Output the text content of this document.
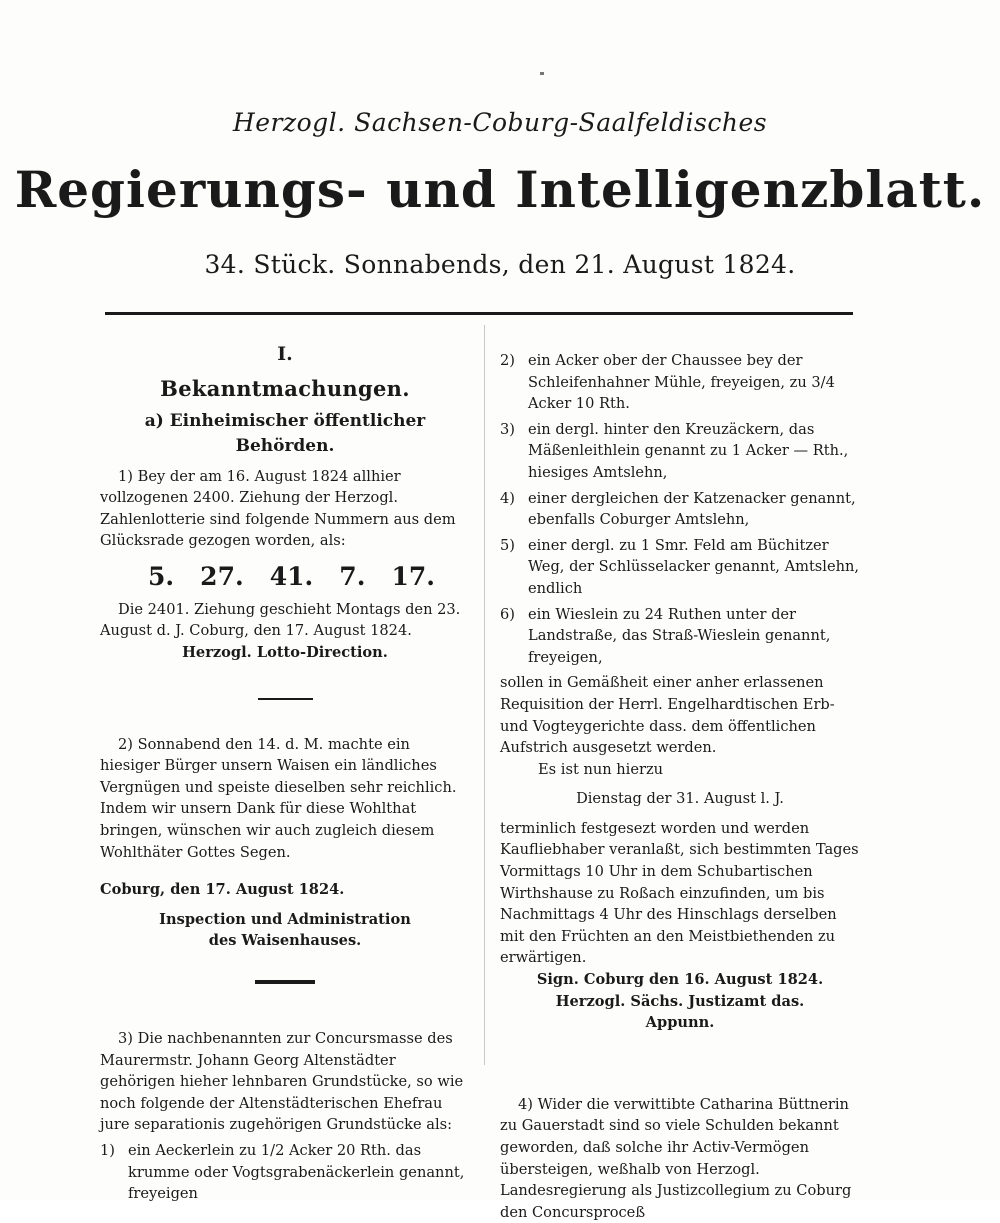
Herzogl. Sachsen-Coburg-Saalfeldisches
Regierungs- und Intelligenzblatt.
34. Stück. Sonnabends, den 21. August 1824.
I.
Bekanntmachungen.
a) Einheimischer öffentlicher Behörden.

1) Bey der am 16. August 1824 allhier vollzogenen 2400. Ziehung der Herzogl. Zahlenlotterie sind folgende Nummern aus dem Glücksrade gezogen worden, als:

5. 27. 41. 7. 17.

Die 2401. Ziehung geschieht Montags den 23. August d. J. Coburg, den 17. August 1824.

Herzogl. Lotto-Direction.

2) Sonnabend den 14. d. M. machte ein hiesiger Bürger unsern Waisen ein ländliches Vergnügen und speiste dieselben sehr reichlich. Indem wir unsern Dank für diese Wohlthat bringen, wünschen wir auch zugleich diesem Wohlthäter Gottes Segen.

Coburg, den 17. August 1824.
Inspection und Administration
des Waisenhauses.

3) Die nachbenannten zur Concursmasse des Maurermstr. Johann Georg Altenstädter gehörigen hieher lehnbaren Grundstücke, so wie noch folgende der Altenstädterischen Ehefrau jure separationis zugehörigen Grundstücke als:

1) ein Aeckerlein zu 1/2 Acker 20 Rth. das krumme oder Vogtsgrabenäckerlein genannt, freyeigen
2) ein Acker ober der Chaussee bey der Schleifenhahner Mühle, freyeigen, zu 3/4 Acker 10 Rth.
3) ein dergl. hinter den Kreuzäckern, das Mäßenleithlein genannt zu 1 Acker — Rth., hiesiges Amtslehn,
4) einer dergleichen der Katzenacker genannt, ebenfalls Coburger Amtslehn,
5) einer dergl. zu 1 Smr. Feld am Büchitzer Weg, der Schlüsselacker genannt, Amtslehn, endlich
6) ein Wieslein zu 24 Ruthen unter der Landstraße, das Straß-Wieslein genannt, freyeigen,

sollen in Gemäßheit einer anher erlassenen Requisition der Herrl. Engelhardtischen Erb- und Vogteygerichte dass. dem öffentlichen Aufstrich ausgesetzt werden.

Es ist nun hierzu

Dienstag der 31. August l. J.

terminlich festgesezt worden und werden Kaufliebhaber veranlaßt, sich bestimmten Tages Vormittags 10 Uhr in dem Schubartischen Wirthshause zu Roßach einzufinden, um bis Nachmittags 4 Uhr des Hinschlags derselben mit den Früchten an den Meistbiethenden zu erwärtigen.

Sign. Coburg den 16. August 1824.
Herzogl. Sächs. Justizamt das.
Appunn.

4) Wider die verwittibte Catharina Büttnerin zu Gauerstadt sind so viele Schulden bekannt geworden, daß solche ihr Activ-Vermögen übersteigen, weßhalb von Herzogl. Landesregierung als Justizcollegium zu Coburg den Concursproceß
